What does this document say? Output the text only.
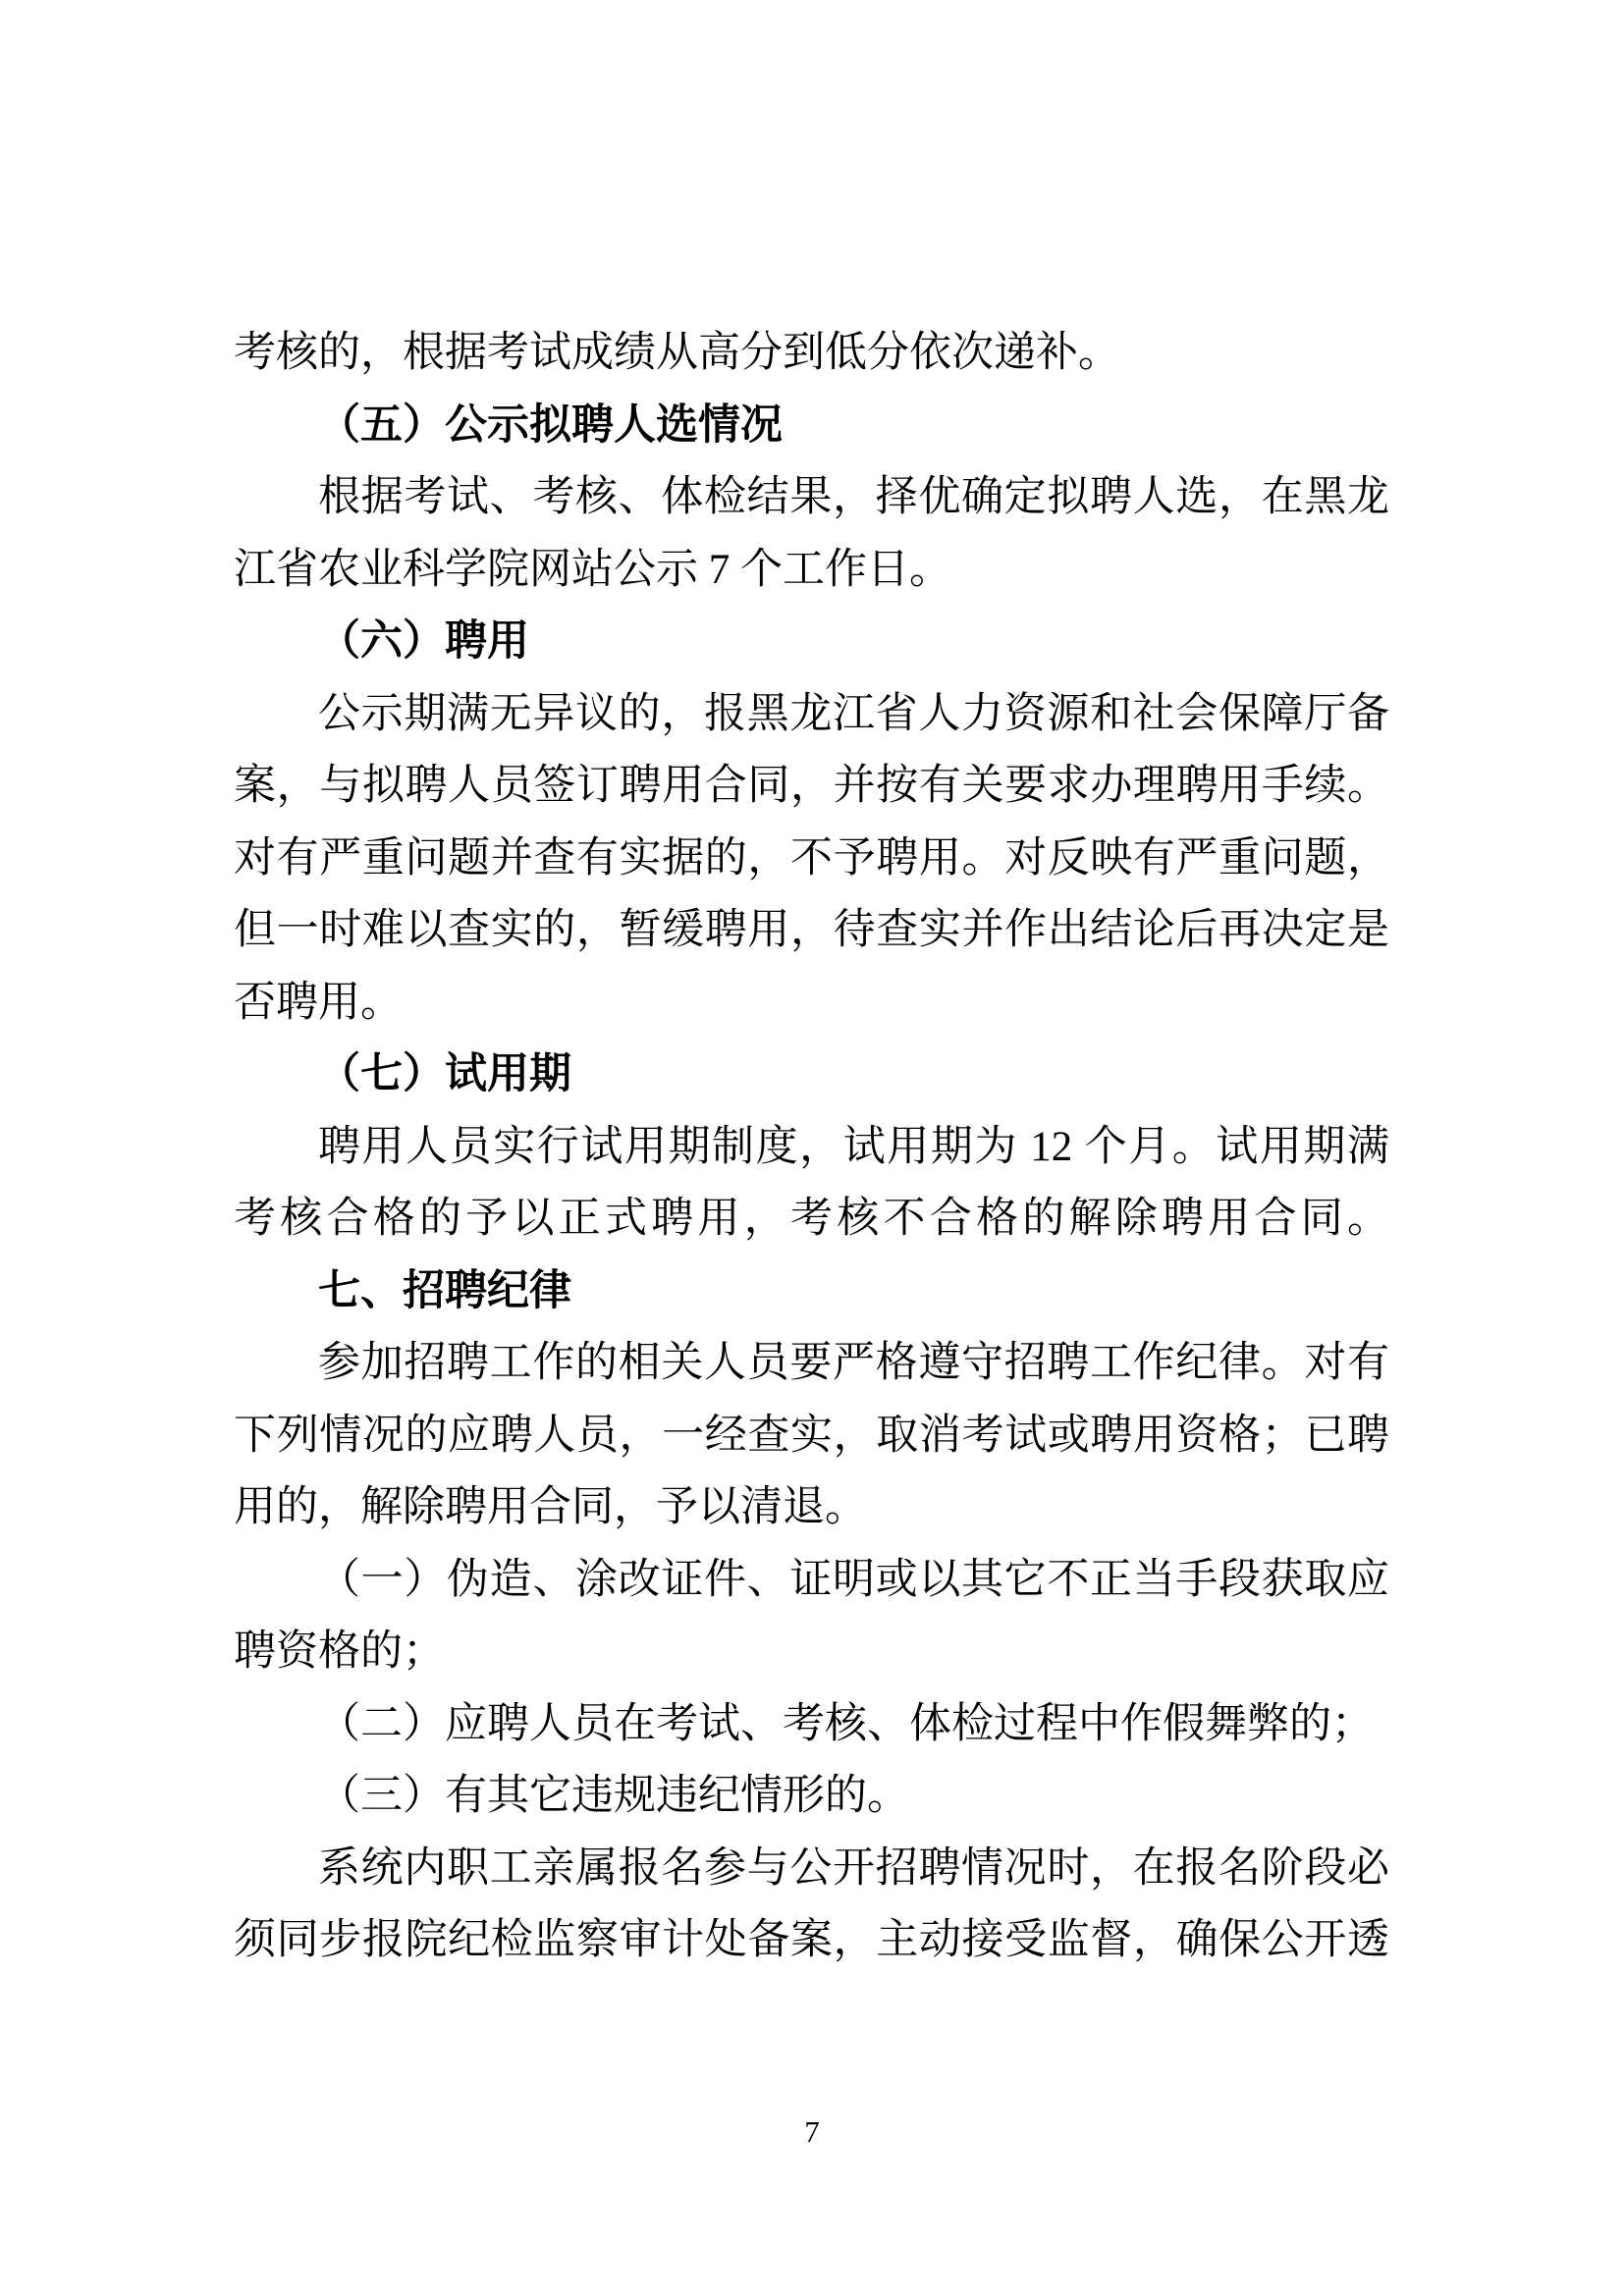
考核的，根据考试成绩从高分到低分依次递补。
（五）公示拟聘人选情况
根据考试、考核、体检结果，择优确定拟聘人选，在黑龙
江省农业科学院网站公示 7 个工作日。
（六）聘用
公示期满无异议的，报黑龙江省人力资源和社会保障厅备
案，与拟聘人员签订聘用合同，并按有关要求办理聘用手续。
对有严重问题并查有实据的，不予聘用。对反映有严重问题，
但一时难以查实的，暂缓聘用，待查实并作出结论后再决定是
否聘用。
（七）试用期
聘用人员实行试用期制度，试用期为 12 个月。试用期满
考核合格的予以正式聘用，考核不合格的解除聘用合同。
七、招聘纪律
参加招聘工作的相关人员要严格遵守招聘工作纪律。对有
下列情况的应聘人员，一经查实，取消考试或聘用资格；已聘
用的，解除聘用合同，予以清退。
（一）伪造、涂改证件、证明或以其它不正当手段获取应
聘资格的；
（二）应聘人员在考试、考核、体检过程中作假舞弊的；
（三）有其它违规违纪情形的。
系统内职工亲属报名参与公开招聘情况时，在报名阶段必
须同步报院纪检监察审计处备案，主动接受监督，确保公开透
7
